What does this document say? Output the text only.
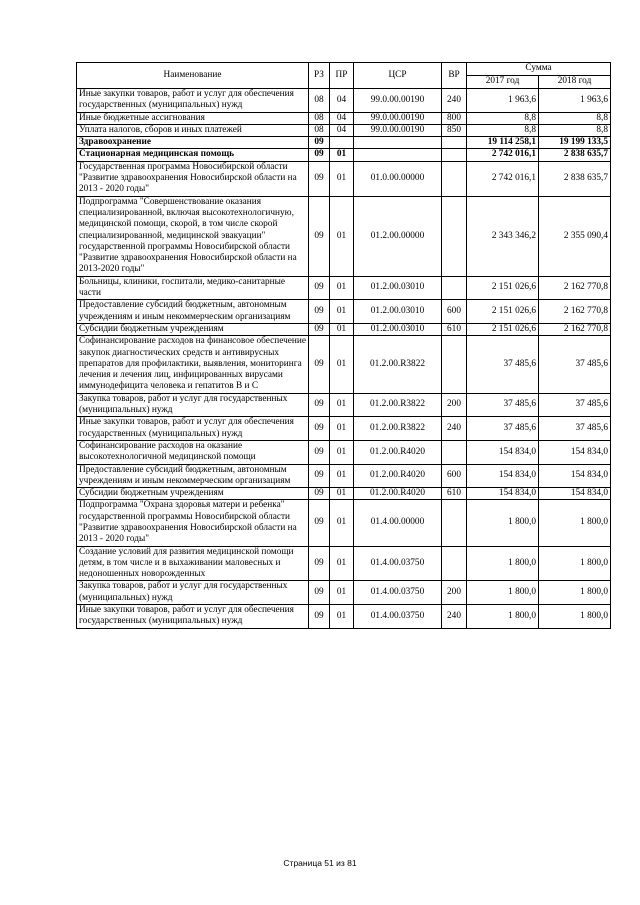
Наименование	РЗ	ПР	ЦСР	ВР	Сумма	
					2017 год	2018 год
Иные закупки товаров, работ и услуг для обеспечения государственных (муниципальных) нужд	08	04	99.0.00.00190	240	1 963,6	1 963,6
Иные бюджетные ассигнования	08	04	99.0.00.00190	800	8,8	8,8
Уплата налогов, сборов и иных платежей	08	04	99.0.00.00190	850	8,8	8,8
Здравоохранение	09				19 114 258,1	19 199 133,5
Стационарная медицинская помощь	09	01			2 742 016,1	2 838 635,7
Государственная программа Новосибирской области "Развитие здравоохранения Новосибирской области на 2013 - 2020 годы"	09	01	01.0.00.00000		2 742 016,1	2 838 635,7
Подпрограмма "Совершенствование оказания специализированной, включая высокотехнологичную, медицинской помощи, скорой, в том числе скорой специализированной, медицинской эвакуации" государственной программы Новосибирской области "Развитие здравоохранения Новосибирской области на 2013-2020 годы"	09	01	01.2.00.00000		2 343 346,2	2 355 090,4
Больницы, клиники, госпитали, медико-санитарные части	09	01	01.2.00.03010		2 151 026,6	2 162 770,8
Предоставление субсидий бюджетным, автономным учреждениям и иным некоммерческим организациям	09	01	01.2.00.03010	600	2 151 026,6	2 162 770,8
Субсидии бюджетным учреждениям	09	01	01.2.00.03010	610	2 151 026,6	2 162 770,8
Софинансирование расходов на финансовое обеспечение закупок диагностических средств и антивирусных препаратов для профилактики, выявления, мониторинга лечения и лечения лиц, инфицированных вирусами иммунодефицита человека и гепатитов В и С	09	01	01.2.00.R3822		37 485,6	37 485,6
Закупка товаров, работ и услуг для государственных (муниципальных) нужд	09	01	01.2.00.R3822	200	37 485,6	37 485,6
Иные закупки товаров, работ и услуг для обеспечения государственных (муниципальных) нужд	09	01	01.2.00.R3822	240	37 485,6	37 485,6
Софинансирование расходов на оказание высокотехнологичной медицинской помощи	09	01	01.2.00.R4020		154 834,0	154 834,0
Предоставление субсидий бюджетным, автономным учреждениям и иным некоммерческим организациям	09	01	01.2.00.R4020	600	154 834,0	154 834,0
Субсидии бюджетным учреждениям	09	01	01.2.00.R4020	610	154 834,0	154 834,0
Подпрограмма "Охрана здоровья матери и ребенка" государственной программы Новосибирской области "Развитие здравоохранения Новосибирской области на 2013 - 2020 годы"	09	01	01.4.00.00000		1 800,0	1 800,0
Создание условий для развития медицинской помощи детям, в том числе и в выхаживании маловесных и недоношенных новорожденных	09	01	01.4.00.03750		1 800,0	1 800,0
Закупка товаров, работ и услуг для государственных (муниципальных) нужд	09	01	01.4.00.03750	200	1 800,0	1 800,0
Иные закупки товаров, работ и услуг для обеспечения государственных (муниципальных) нужд	09	01	01.4.00.03750	240	1 800,0	1 800,0
Страница 51 из 81
